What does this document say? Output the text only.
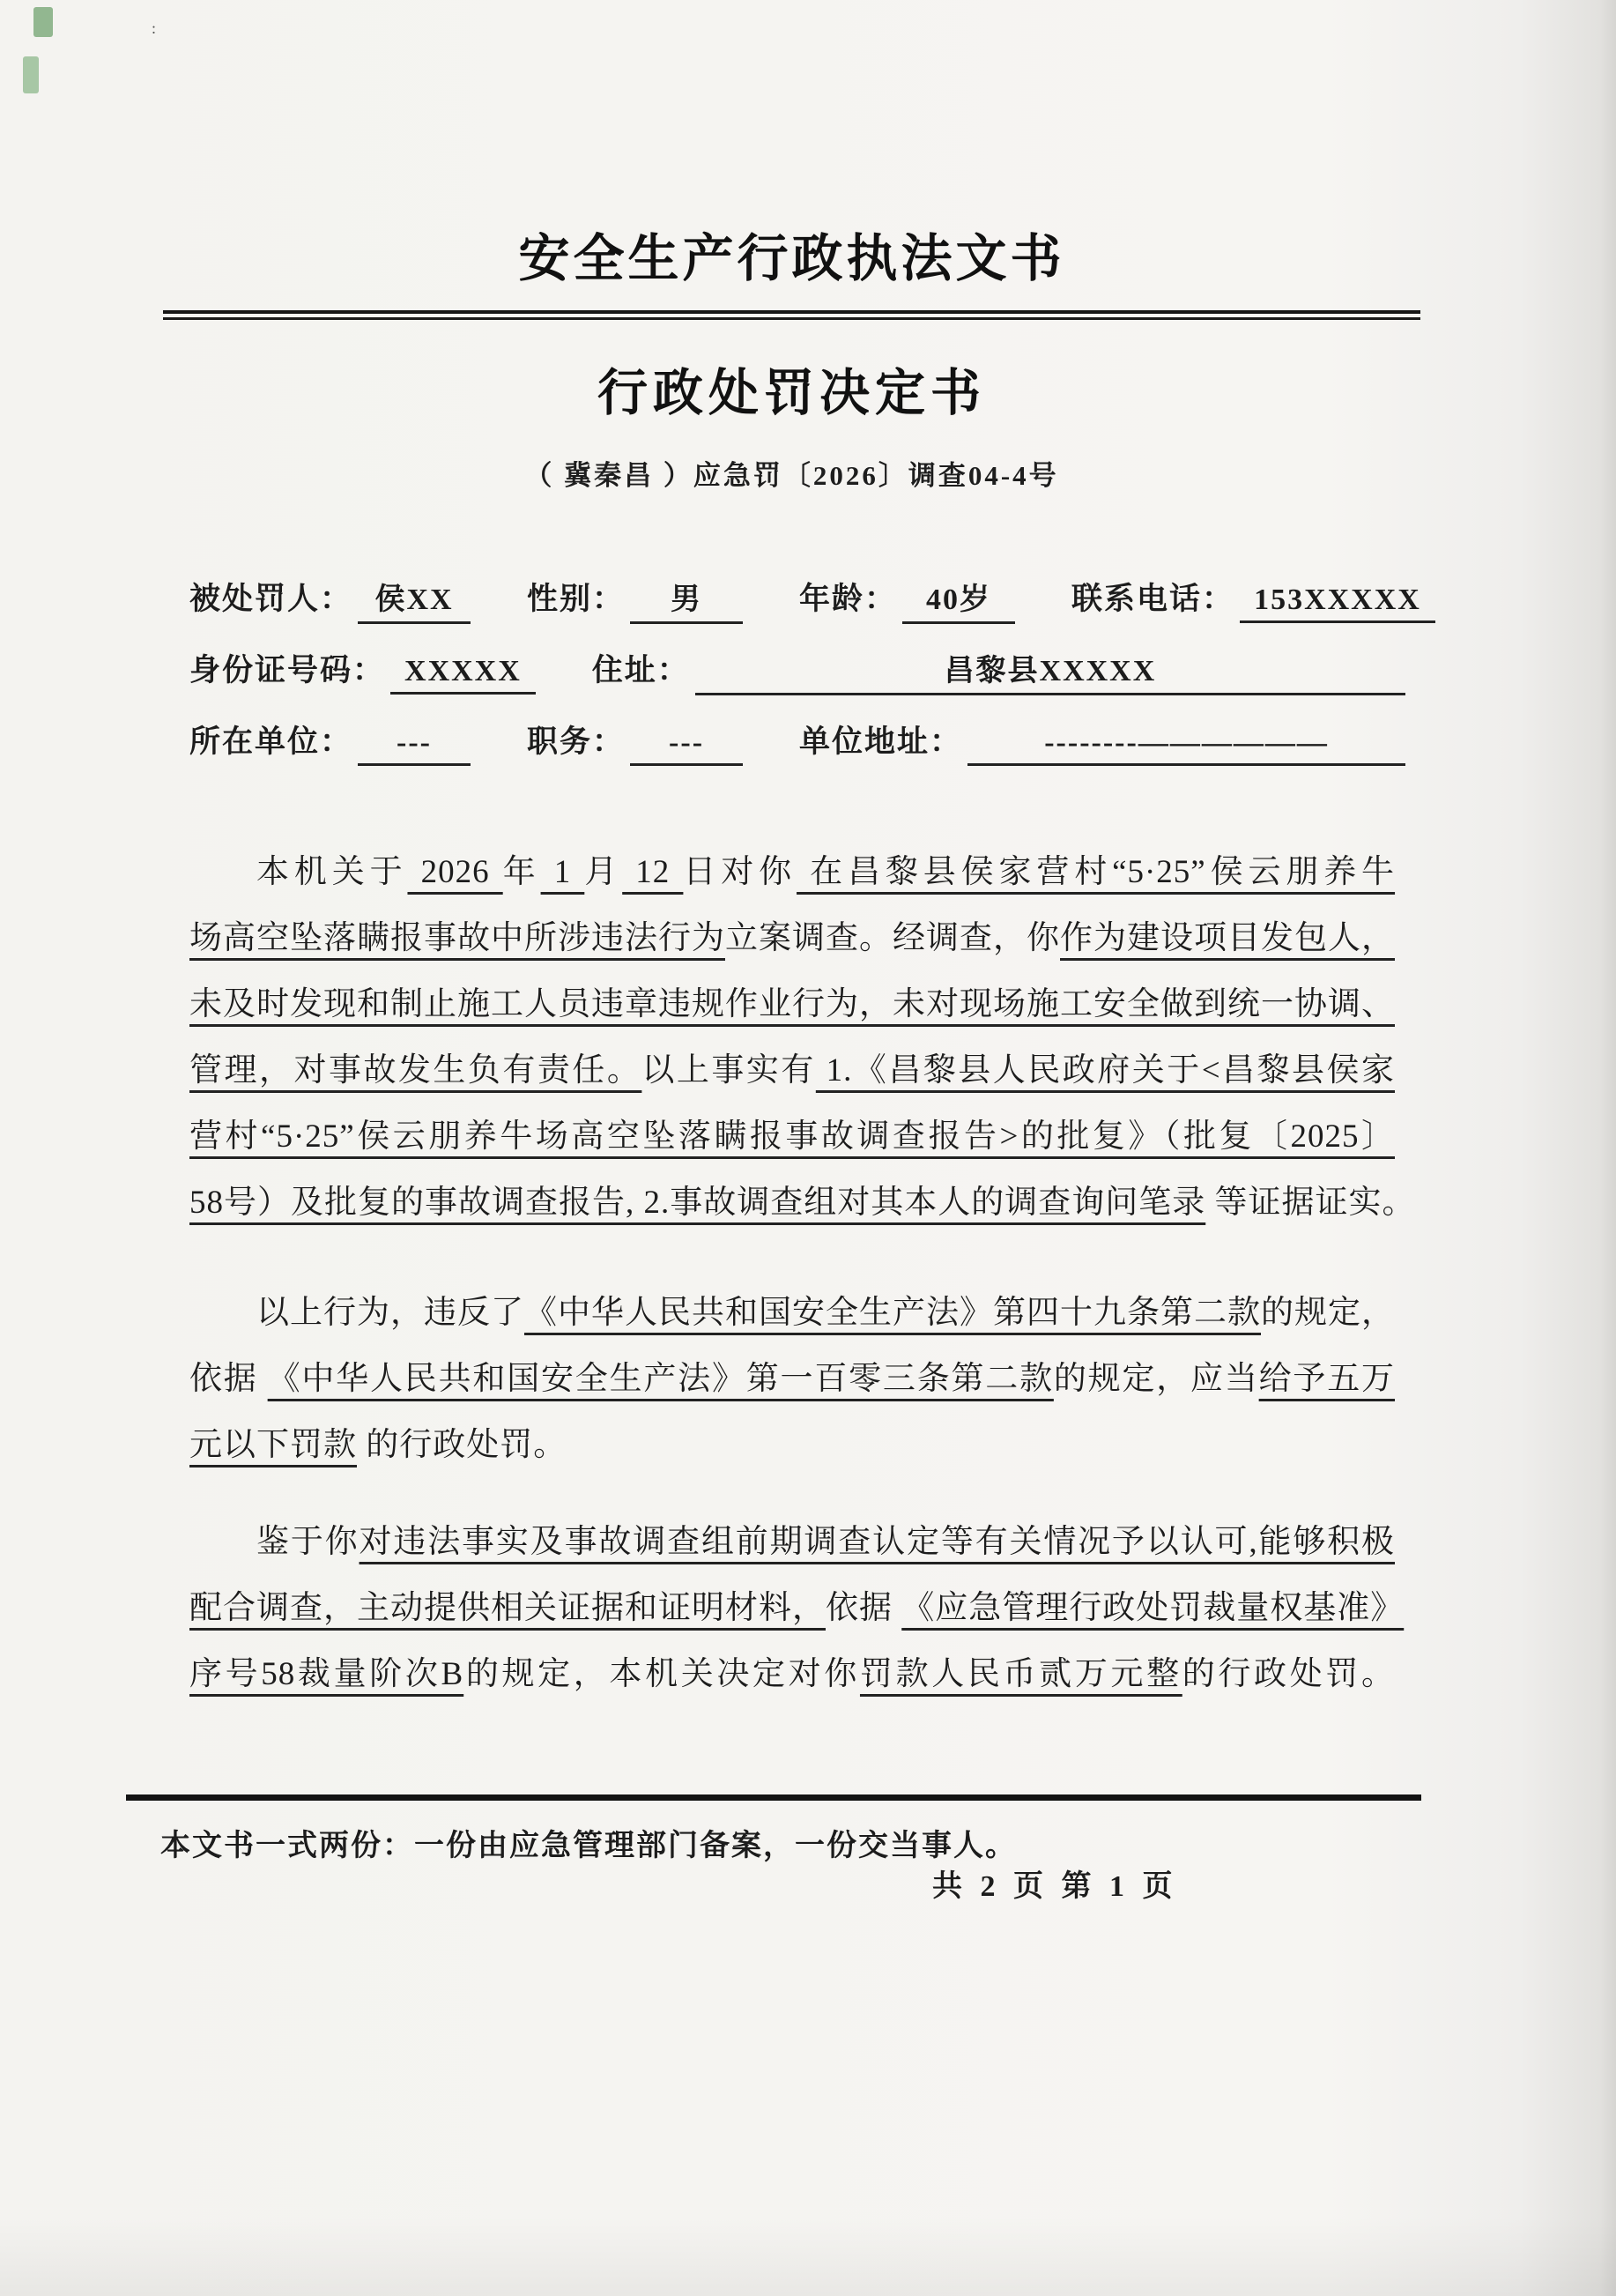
:
安全生产行政执法文书
行政处罚决定书
（ 冀秦昌 ）应急罚〔2026〕调查04-4号
被处罚人： 侯XX	性别：	男	年龄： 40岁	联系电话： 153XXXXX
身份证号码： XXXXX	住址：	昌黎县XXXXX
所在单位：	---	职务：	---	单位地址：	--------——————
本机关于 2026 年 1 月 12 日对你 在昌黎县侯家营村“5·25”侯云朋养牛
场高空坠落瞒报事故中所涉违法行为立案调查。经调查，你作为建设项目发包人，
未及时发现和制止施工人员违章违规作业行为，未对现场施工安全做到统一协调、
管理，对事故发生负有责任。以上事实有 1.《昌黎县人民政府关于<昌黎县侯家
营村“5·25”侯云朋养牛场高空坠落瞒报事故调查报告>的批复》（批复〔2025〕
58号）及批复的事故调查报告, 2.事故调查组对其本人的调查询问笔录 等证据证实。
以上行为，违反了《中华人民共和国安全生产法》第四十九条第二款的规定，
依据 《中华人民共和国安全生产法》第一百零三条第二款的规定，应当给予五万
元以下罚款 的行政处罚。
鉴于你对违法事实及事故调查组前期调查认定等有关情况予以认可,能够积极
配合调查，主动提供相关证据和证明材料，依据 《应急管理行政处罚裁量权基准》
序号58裁量阶次B的规定，本机关决定对你罚款人民币贰万元整的行政处罚。
本文书一式两份：一份由应急管理部门备案，一份交当事人。
共 2 页 第 1 页
